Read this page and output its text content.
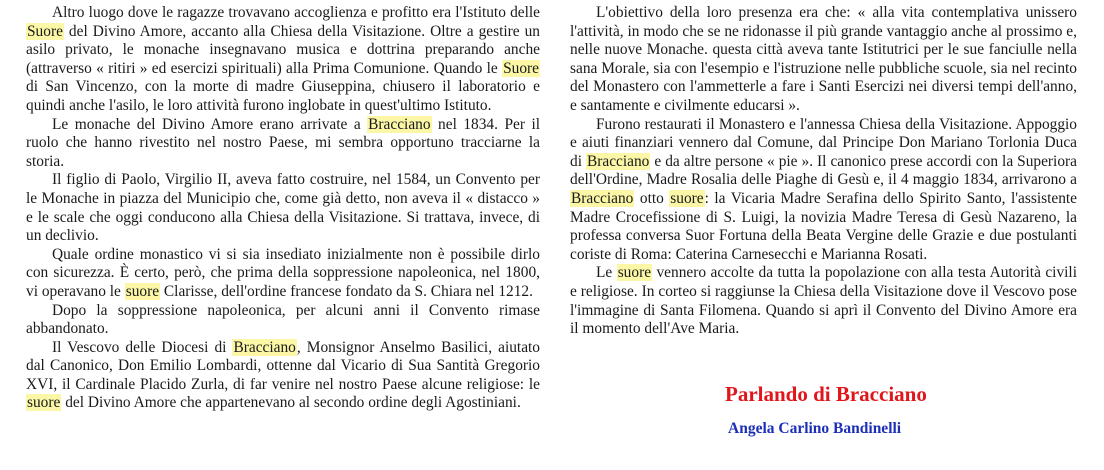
Altro luogo dove le ragazze trovavano accoglienza e profitto era l'Istituto delle Suore del Divino Amore, accanto alla Chiesa della Visitazione. Oltre a gestire un asilo privato, le monache insegnavano musica e dottrina preparando anche (attraverso « ritiri » ed esercizi spirituali) alla Prima Comunione. Quando le Suore di San Vincenzo, con la morte di madre Giuseppina, chiusero il laboratorio e quindi anche l'asilo, le loro attività furono inglobate in quest'ultimo Istituto.

Le monache del Divino Amore erano arrivate a Bracciano nel 1834. Per il ruolo che hanno rivestito nel nostro Paese, mi sembra opportuno tracciarne la storia.

Il figlio di Paolo, Virgilio II, aveva fatto costruire, nel 1584, un Convento per le Monache in piazza del Municipio che, come già detto, non aveva il « distacco » e le scale che oggi conducono alla Chiesa della Visitazione. Si trattava, invece, di un declivio.

Quale ordine monastico vi si sia insediato inizialmente non è possibile dirlo con sicurezza. È certo, però, che prima della soppressione napoleonica, nel 1800, vi operavano le suore Clarisse, dell'ordine francese fondato da S. Chiara nel 1212.

Dopo la soppressione napoleonica, per alcuni anni il Convento rimase abbandonato.

Il Vescovo delle Diocesi di Bracciano, Monsignor Anselmo Basilici, aiutato dal Canonico, Don Emilio Lombardi, ottenne dal Vicario di Sua Santità Gregorio XVI, il Cardinale Placido Zurla, di far venire nel nostro Paese alcune religiose: le suore del Divino Amore che appartenevano al secondo ordine degli Agostiniani.

L'obiettivo della loro presenza era che: « alla vita contemplativa unissero l'attività, in modo che se ne ridonasse il più grande vantaggio anche al prossimo e, nelle nuove Monache. questa città aveva tante Istitutrici per le sue fanciulle nella sana Morale, sia con l'esempio e l'istruzione nelle pubbliche scuole, sia nel recinto del Monastero con l'ammetterle a fare i Santi Esercizi nei diversi tempi dell'anno, e santamente e civilmente educarsi ».

Furono restaurati il Monastero e l'annessa Chiesa della Visitazione. Appoggio e aiuti finanziari vennero dal Comune, dal Principe Don Mariano Torlonia Duca di Bracciano e da altre persone « pie ». Il canonico prese accordi con la Superiora dell'Ordine, Madre Rosalia delle Piaghe di Gesù e, il 4 maggio 1834, arrivarono a Bracciano otto suore: la Vicaria Madre Serafina dello Spirito Santo, l'assistente Madre Crocefissione di S. Luigi, la novizia Madre Teresa di Gesù Nazareno, la professa conversa Suor Fortuna della Beata Vergine delle Grazie e due postulanti coriste di Roma: Caterina Carnesecchi e Marianna Rosati.

Le suore vennero accolte da tutta la popolazione con alla testa Autorità civili e religiose. In corteo si raggiunse la Chiesa della Visitazione dove il Vescovo pose l'immagine di Santa Filomena. Quando si aprì il Convento del Divino Amore era il momento dell'Ave Maria.

Parlando di Bracciano
Angela Carlino Bandinelli
